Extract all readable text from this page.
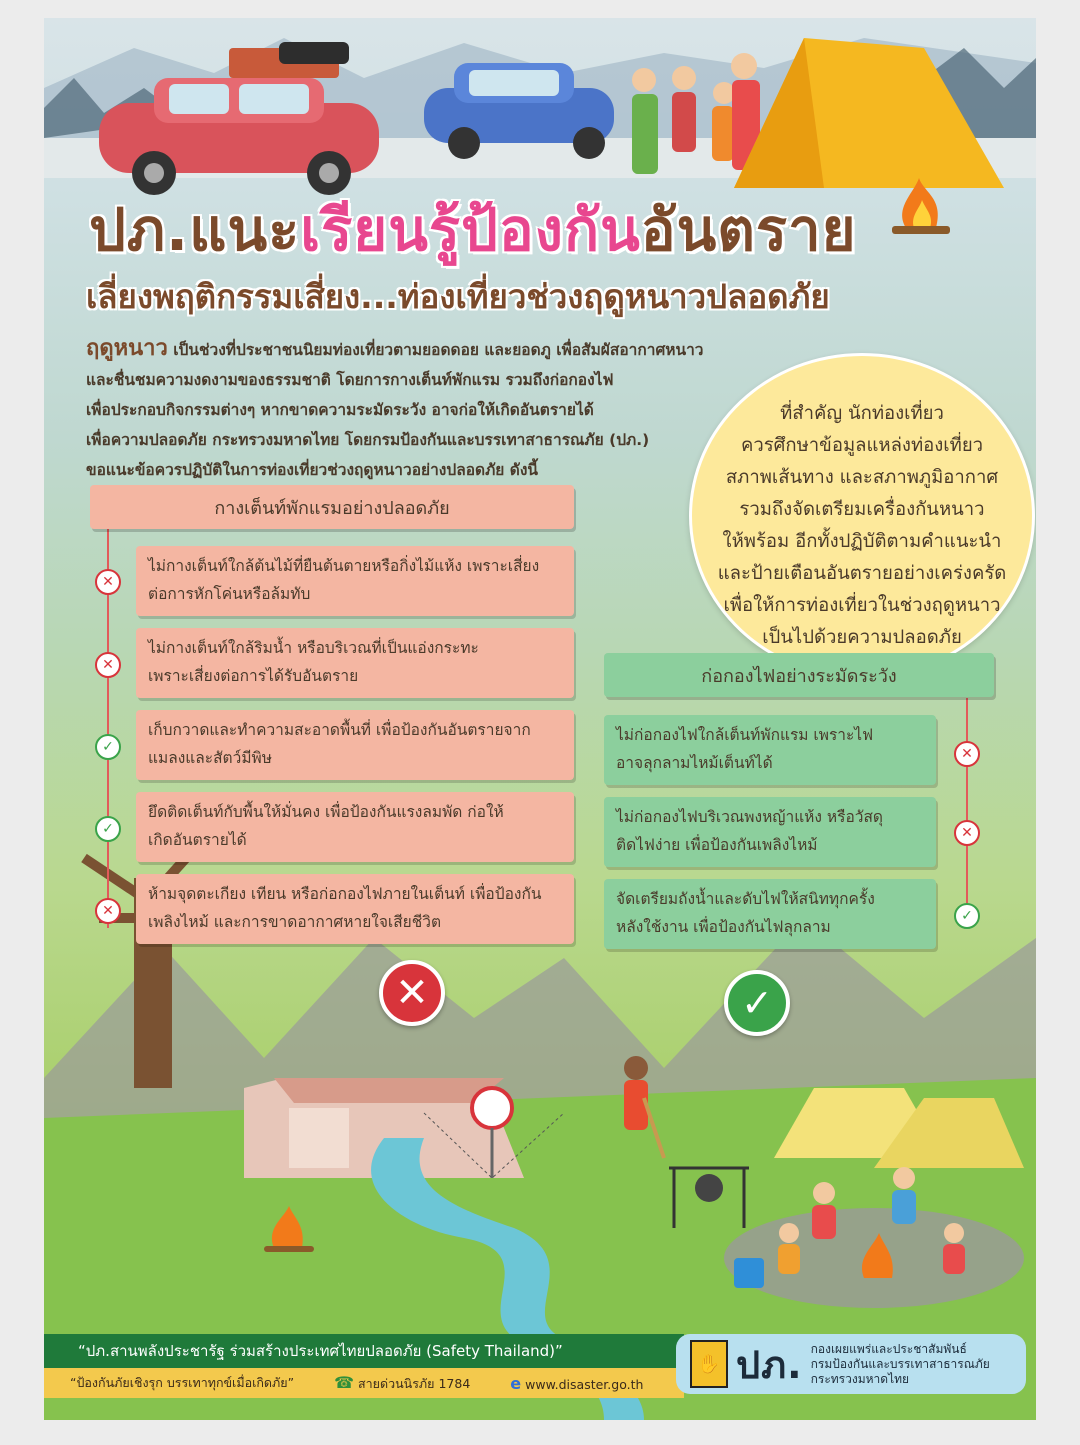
ปภ.แนะเรียนรู้ป้องกันอันตราย
เลี่ยงพฤติกรรมเสี่ยง...ท่องเที่ยวช่วงฤดูหนาวปลอดภัย
ฤดูหนาว เป็นช่วงที่ประชาชนนิยมท่องเที่ยวตามยอดดอย และยอดภู เพื่อสัมผัสอากาศหนาว
และชื่นชมความงดงามของธรรมชาติ โดยการกางเต็นท์พักแรม รวมถึงก่อกองไฟ
เพื่อประกอบกิจกรรมต่างๆ หากขาดความระมัดระวัง อาจก่อให้เกิดอันตรายได้
เพื่อความปลอดภัย กระทรวงมหาดไทย โดยกรมป้องกันและบรรเทาสาธารณภัย (ปภ.)
ขอแนะข้อควรปฏิบัติในการท่องเที่ยวช่วงฤดูหนาวอย่างปลอดภัย ดังนี้
ที่สำคัญ นักท่องเที่ยว
ควรศึกษาข้อมูลแหล่งท่องเที่ยว
สภาพเส้นทาง และสภาพภูมิอากาศ
รวมถึงจัดเตรียมเครื่องกันหนาว
ให้พร้อม อีกทั้งปฏิบัติตามคำแนะนำ
และป้ายเตือนอันตรายอย่างเคร่งครัด
เพื่อให้การท่องเที่ยวในช่วงฤดูหนาว
เป็นไปด้วยความปลอดภัย
กางเต็นท์พักแรมอย่างปลอดภัย
ไม่กางเต็นท์ใกล้ต้นไม้ที่ยืนต้นตายหรือกิ่งไม้แห้ง เพราะเสี่ยง
ต่อการหักโค่นหรือล้มทับ
✕
ไม่กางเต็นท์ใกล้ริมน้ำ หรือบริเวณที่เป็นแอ่งกระทะ
เพราะเสี่ยงต่อการได้รับอันตราย
✕
เก็บกวาดและทำความสะอาดพื้นที่ เพื่อป้องกันอันตรายจาก
แมลงและสัตว์มีพิษ
✓
ยึดติดเต็นท์กับพื้นให้มั่นคง เพื่อป้องกันแรงลมพัด ก่อให้
เกิดอันตรายได้
✓
ห้ามจุดตะเกียง เทียน หรือก่อกองไฟภายในเต็นท์ เพื่อป้องกัน
เพลิงไหม้ และการขาดอากาศหายใจเสียชีวิต
✕
ก่อกองไฟอย่างระมัดระวัง
ไม่ก่อกองไฟใกล้เต็นท์พักแรม เพราะไฟ
อาจลุกลามไหม้เต็นท์ได้	✕
ไม่ก่อกองไฟบริเวณพงหญ้าแห้ง หรือวัสดุ
ติดไฟง่าย เพื่อป้องกันเพลิงไหม้
✕
จัดเตรียมถังน้ำและดับไฟให้สนิททุกครั้ง
หลังใช้งาน เพื่อป้องกันไฟลุกลาม
✓
✕	✓
“ปภ.สานพลังประชารัฐ ร่วมสร้างประเทศไทยปลอดภัย (Safety Thailand)”
“ป้องกันภัยเชิงรุก บรรเทาทุกข์เมื่อเกิดภัย”	☎ สายด่วนนิรภัย 1784	e www.disaster.go.th
✋ ปภ. กองเผยแพร่และประชาสัมพันธ์
กรมป้องกันและบรรเทาสาธารณภัย
กระทรวงมหาดไทย
